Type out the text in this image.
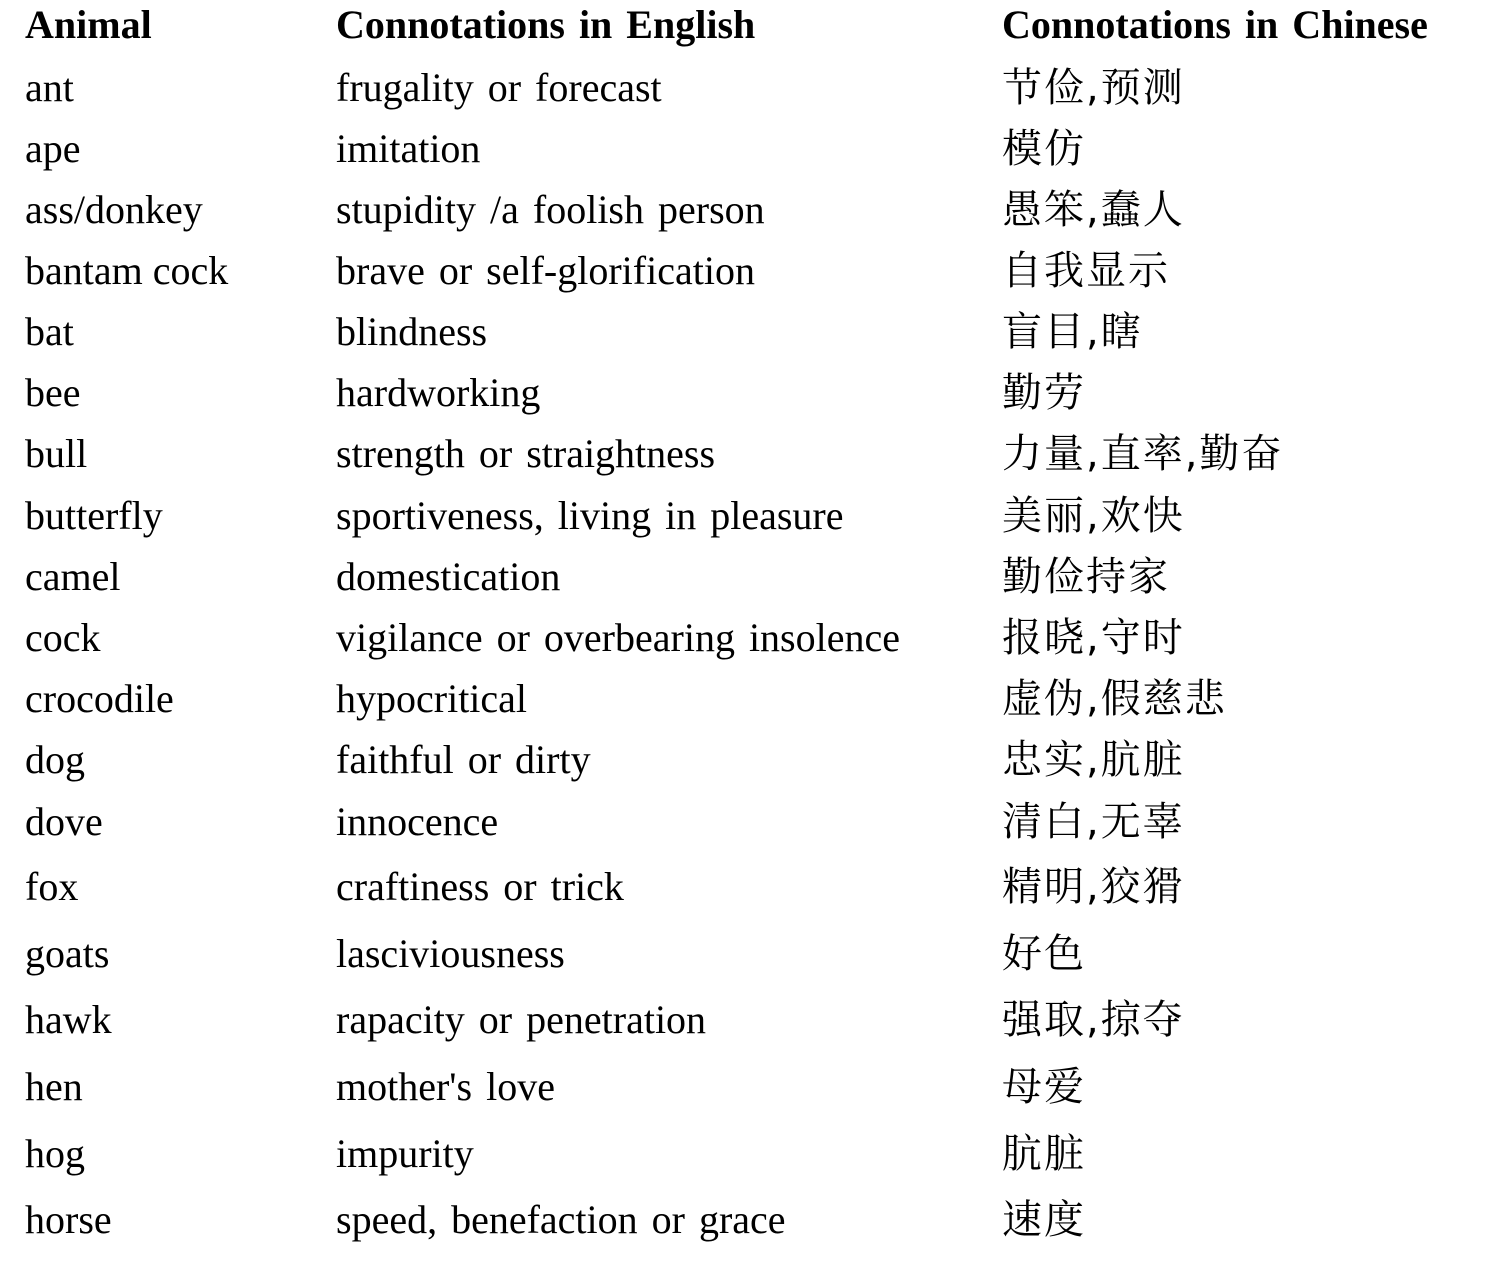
Animal	Connotations in English	Connotations in Chinese
ant	frugality or forecast	节俭,预测
ape	imitation	模仿
ass/donkey	stupidity /a foolish person	愚笨,蠢人
bantam cock	brave or self-glorification	自我显示
bat	blindness	盲目,瞎
bee	hardworking	勤劳
bull	strength or straightness	力量,直率,勤奋
butterfly	sportiveness, living in pleasure	美丽,欢快
camel	domestication	勤俭持家
cock	vigilance or overbearing insolence	报晓,守时
crocodile	hypocritical	虚伪,假慈悲
dog	faithful or dirty	忠实,肮脏
dove	innocence	清白,无辜
fox	craftiness or trick	精明,狡猾
goats	lasciviousness	好色
hawk	rapacity or penetration	强取,掠夺
hen	mother's love	母爱
hog	impurity	肮脏
horse	speed, benefaction or grace	速度
